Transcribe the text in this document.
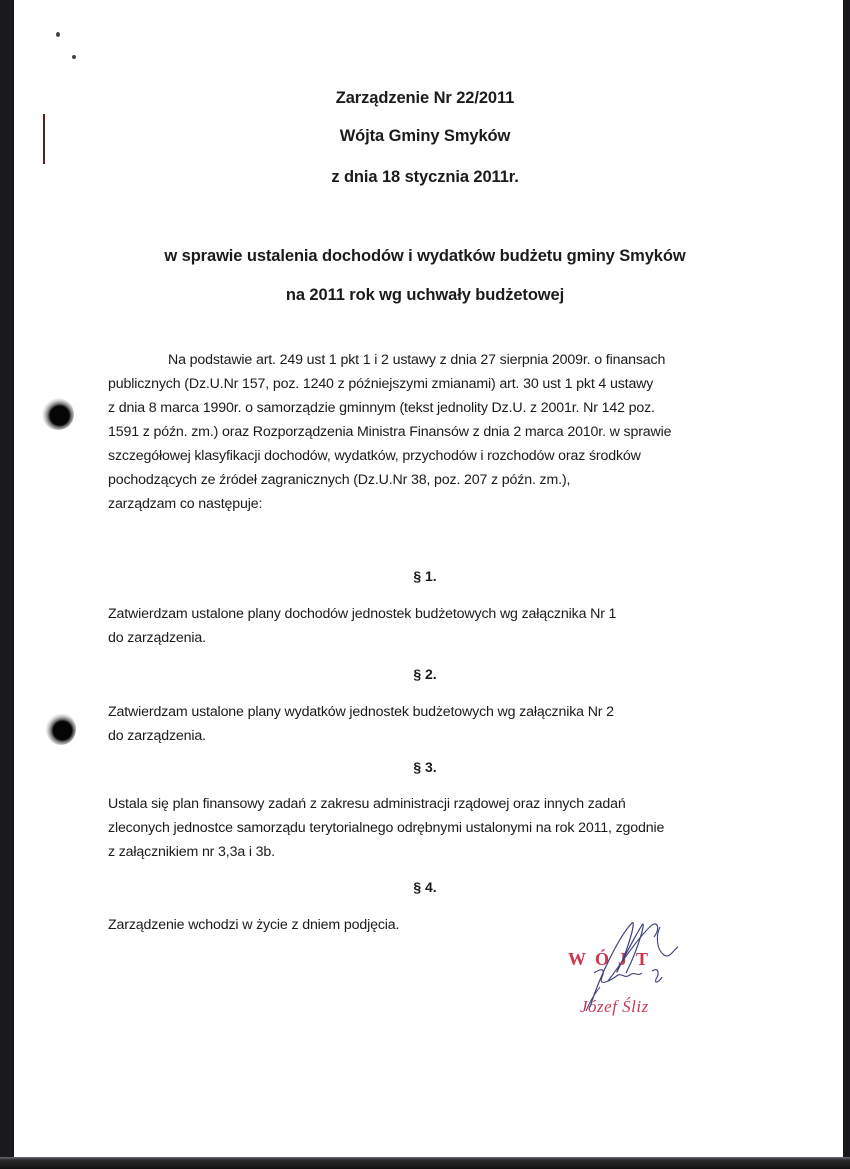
Zarządzenie Nr 22/2011
Wójta Gminy Smyków
z dnia 18 stycznia 2011r.
w sprawie ustalenia dochodów i wydatków budżetu gminy Smyków
na 2011 rok wg uchwały budżetowej
Na podstawie art. 249 ust 1 pkt 1 i 2 ustawy z dnia 27 sierpnia 2009r. o finansach
publicznych (Dz.U.Nr 157, poz. 1240 z późniejszymi zmianami) art. 30 ust 1 pkt 4 ustawy
z dnia 8 marca 1990r. o samorządzie gminnym (tekst jednolity Dz.U. z 2001r. Nr 142 poz.
1591 z późn. zm.) oraz Rozporządzenia Ministra Finansów z dnia 2 marca 2010r. w sprawie
szczegółowej klasyfikacji dochodów, wydatków, przychodów i rozchodów oraz środków
pochodzących ze źródeł zagranicznych (Dz.U.Nr 38, poz. 207 z późn. zm.),
zarządzam co następuje:
§ 1.
Zatwierdzam ustalone plany dochodów jednostek budżetowych wg załącznika Nr 1
do zarządzenia.
§ 2.
Zatwierdzam ustalone plany wydatków jednostek budżetowych wg załącznika Nr 2
do zarządzenia.
§ 3.
Ustala się plan finansowy zadań z zakresu administracji rządowej oraz innych zadań
zleconych jednostce samorządu terytorialnego odrębnymi ustalonymi na rok 2011, zgodnie
z załącznikiem nr 3,3a i 3b.
§ 4.
Zarządzenie wchodzi w życie z dniem podjęcia.
WÓJT
Józef Śliz
